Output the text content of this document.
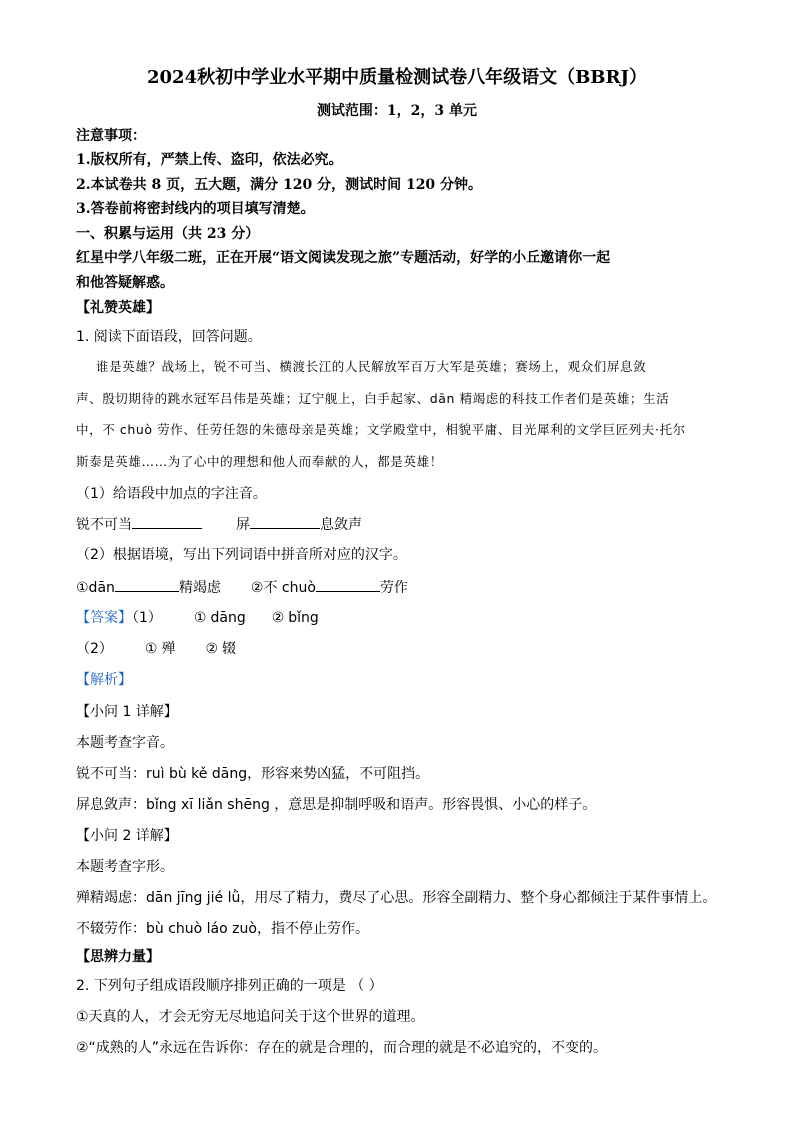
2024秋初中学业水平期中质量检测试卷八年级语文（BBRJ）
测试范围：1，2，3 单元
注意事项：
1.版权所有，严禁上传、盗印，依法必究。
2.本试卷共 8 页，五大题，满分 120 分，测试时间 120 分钟。
3.答卷前将密封线内的项目填写清楚。
一、积累与运用（共 23 分）
红星中学八年级二班，正在开展“语文阅读发现之旅”专题活动，好学的小丘邀请你一起
和他答疑解惑。
【礼赞英雄】
1. 阅读下面语段，回答问题。
谁是英雄？战场上，锐不可当、横渡长江的人民解放军百万大军是英雄；赛场上，观众们屏息敛
声、殷切期待的跳水冠军吕伟是英雄；辽宁舰上，白手起家、dān 精竭虑的科技工作者们是英雄；生活
中，不 chuò 劳作、任劳任怨的朱德母亲是英雄；文学殿堂中，相貌平庸、目光犀利的文学巨匠列夫·托尔
斯泰是英雄……为了心中的理想和他人而奉献的人，都是英雄！
（1）给语段中加点的字注音。
锐不可当	屏	息敛声
（2）根据语境，写出下列词语中拼音所对应的汉字。
①dān	精竭虑 ②不 chuò	劳作
【答案】（1） ① dāng ② bǐng
（2） ① 殚 ② 辍
【解析】
【小问 1 详解】
本题考查字音。
锐不可当：ruì bù kě dāng，形容来势凶猛，不可阻挡。
屏息敛声：bǐng xī liǎn shēng ，意思是抑制呼吸和语声。形容畏惧、小心的样子。
【小问 2 详解】
本题考查字形。
殚精竭虑：dān jīng jié lǜ，用尽了精力，费尽了心思。形容全副精力、整个身心都倾注于某件事情上。
不辍劳作：bù chuò láo zuò，指不停止劳作。
【思辨力量】
2. 下列句子组成语段顺序排列正确的一项是 （ ）
①天真的人，才会无穷无尽地追问关于这个世界的道理。
②“成熟的人”永远在告诉你：存在的就是合理的，而合理的就是不必追究的，不变的。
